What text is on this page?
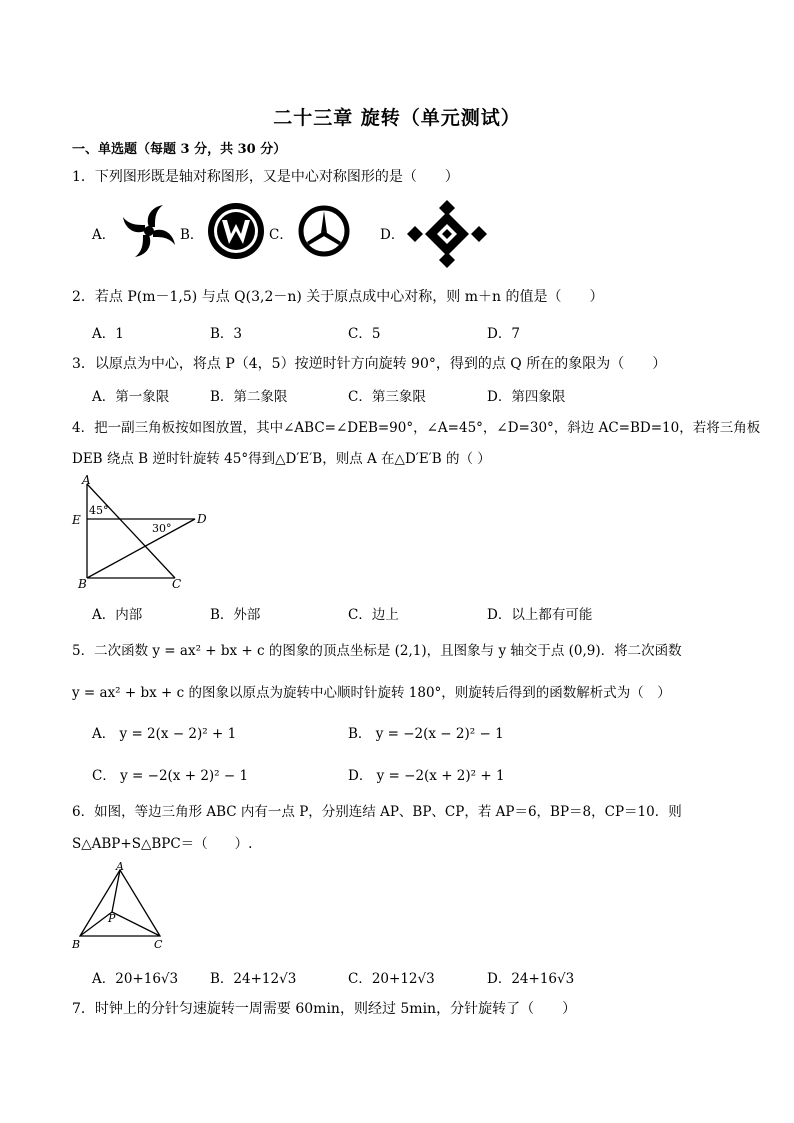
二十三章 旋转（单元测试）
一、单选题（每题 3 分，共 30 分）
1．下列图形既是轴对称图形，又是中心对称图形的是（　　）
A．	B．	C．	D．
2．若点 P(m－1,5) 与点 Q(3,2－n) 关于原点成中心对称，则 m＋n 的值是（　　）
A．1	B．3	C．5	D．7
3．以原点为中心，将点 P（4，5）按逆时针方向旋转 90°，得到的点 Q 所在的象限为（　　）
A．第一象限	B．第二象限	C．第三象限	D．第四象限
4．把一副三角板按如图放置，其中∠ABC=∠DEB=90°，∠A=45°，∠D=30°，斜边 AC=BD=10，若将三角板
DEB 绕点 B 逆时针旋转 45°得到△D′E′B，则点 A 在△D′E′B 的（ ）
A
E	D
B	C
45°
30°
A．内部	B．外部	C．边上	D．以上都有可能
5．二次函数 y = ax² + bx + c 的图象的顶点坐标是 (2,1)，且图象与 y 轴交于点 (0,9)．将二次函数
y = ax² + bx + c 的图象以原点为旋转中心顺时针旋转 180°，则旋转后得到的函数解析式为（　）
A． y = 2(x − 2)² + 1	B． y = −2(x − 2)² − 1
C． y = −2(x + 2)² − 1	D． y = −2(x + 2)² + 1
6．如图，等边三角形 ABC 内有一点 P，分别连结 AP、BP、CP，若 AP＝6，BP＝8，CP＝10．则
S△ABP+S△BPC＝（　　）.
A
B	C
P
A．20+16√3 B．24+12√3	C．20+12√3	D．24+16√3
7．时钟上的分针匀速旋转一周需要 60min，则经过 5min，分针旋转了（　　）
